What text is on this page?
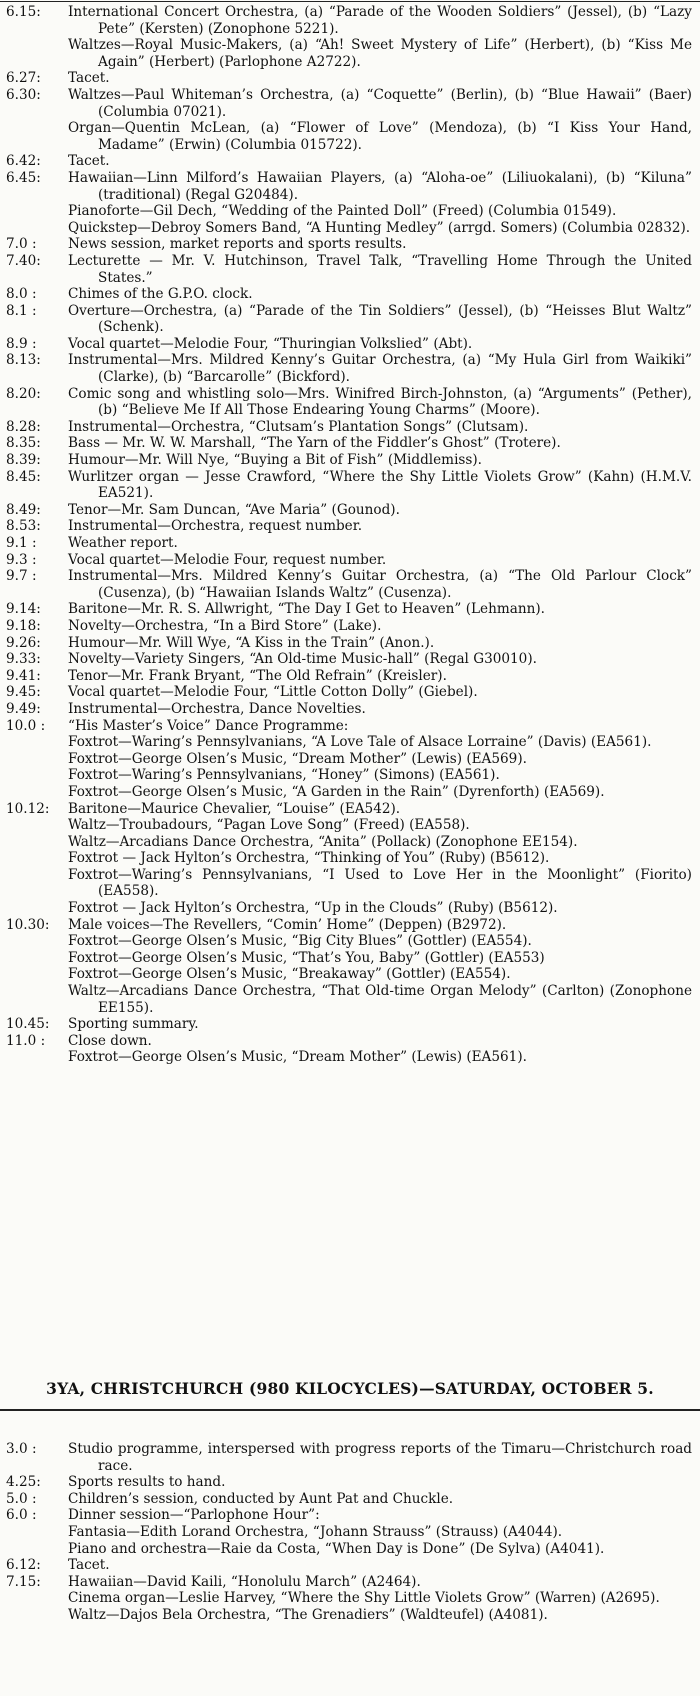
6.15:	International Concert Orchestra, (a) “Parade of the Wooden Soldiers” (Jessel), (b) “Lazy Pete” (Kersten) (Zonophone 5221).
Waltzes—Royal Music-Makers, (a) “Ah! Sweet Mystery of Life” (Herbert), (b) “Kiss Me Again” (Herbert) (Parlophone A2722).
6.27:	Tacet.
6.30:	Waltzes—Paul Whiteman’s Orchestra, (a) “Coquette” (Berlin), (b) “Blue Hawaii” (Baer) (Columbia 07021).
Organ—Quentin McLean, (a) “Flower of Love” (Mendoza), (b) “I Kiss Your Hand, Madame” (Erwin) (Columbia 015722).
6.42:	Tacet.
6.45:	Hawaiian—Linn Milford’s Hawaiian Players, (a) “Aloha-oe” (Liliuokalani), (b) “Kiluna” (traditional) (Regal G20484).
Pianoforte—Gil Dech, “Wedding of the Painted Doll” (Freed) (Columbia 01549).
Quickstep—Debroy Somers Band, “A Hunting Medley” (arrgd. Somers) (Columbia 02832).
7.0 :	News session, market reports and sports results.
7.40:	Lecturette — Mr. V. Hutchinson, Travel Talk, “Travelling Home Through the United States.”
8.0 :	Chimes of the G.P.O. clock.
8.1 :	Overture—Orchestra, (a) “Parade of the Tin Soldiers” (Jessel), (b) “Heisses Blut Waltz” (Schenk).
8.9 :	Vocal quartet—Melodie Four, “Thuringian Volkslied” (Abt).
8.13:	Instrumental—Mrs. Mildred Kenny’s Guitar Orchestra, (a) “My Hula Girl from Waikiki” (Clarke), (b) “Barcarolle” (Bickford).
8.20:	Comic song and whistling solo—Mrs. Winifred Birch-Johnston, (a) “Arguments” (Pether), (b) “Believe Me If All Those Endearing Young Charms” (Moore).
8.28:	Instrumental—Orchestra, “Clutsam’s Plantation Songs” (Clutsam).
8.35:	Bass — Mr. W. W. Marshall, “The Yarn of the Fiddler’s Ghost” (Trotere).
8.39:	Humour—Mr. Will Nye, “Buying a Bit of Fish” (Middlemiss).
8.45:	Wurlitzer organ — Jesse Crawford, “Where the Shy Little Violets Grow” (Kahn) (H.M.V. EA521).
8.49:	Tenor—Mr. Sam Duncan, “Ave Maria” (Gounod).
8.53:	Instrumental—Orchestra, request number.
9.1 :	Weather report.
9.3 :	Vocal quartet—Melodie Four, request number.
9.7 :	Instrumental—Mrs. Mildred Kenny’s Guitar Orchestra, (a) “The Old Parlour Clock” (Cusenza), (b) “Hawaiian Islands Waltz” (Cusenza).
9.14:	Baritone—Mr. R. S. Allwright, “The Day I Get to Heaven” (Lehmann).
9.18:	Novelty—Orchestra, “In a Bird Store” (Lake).
9.26:	Humour—Mr. Will Wye, “A Kiss in the Train” (Anon.).
9.33:	Novelty—Variety Singers, “An Old-time Music-hall” (Regal G30010).
9.41:	Tenor—Mr. Frank Bryant, “The Old Refrain” (Kreisler).
9.45:	Vocal quartet—Melodie Four, “Little Cotton Dolly” (Giebel).
9.49:	Instrumental—Orchestra, Dance Novelties.
10.0 :	“His Master’s Voice” Dance Programme:
Foxtrot—Waring’s Pennsylvanians, “A Love Tale of Alsace Lorraine” (Davis) (EA561).
Foxtrot—George Olsen’s Music, “Dream Mother” (Lewis) (EA569).
Foxtrot—Waring’s Pennsylvanians, “Honey” (Simons) (EA561).
Foxtrot—George Olsen’s Music, “A Garden in the Rain” (Dyrenforth) (EA569).
10.12:	Baritone—Maurice Chevalier, “Louise” (EA542).
Waltz—Troubadours, “Pagan Love Song” (Freed) (EA558).
Waltz—Arcadians Dance Orchestra, “Anita” (Pollack) (Zonophone EE154).
Foxtrot — Jack Hylton’s Orchestra, “Thinking of You” (Ruby) (B5612).
Foxtrot—Waring’s Pennsylvanians, “I Used to Love Her in the Moonlight” (Fiorito) (EA558).
Foxtrot — Jack Hylton’s Orchestra, “Up in the Clouds” (Ruby) (B5612).
10.30:	Male voices—The Revellers, “Comin’ Home” (Deppen) (B2972).
Foxtrot—George Olsen’s Music, “Big City Blues” (Gottler) (EA554).
Foxtrot—George Olsen’s Music, “That’s You, Baby” (Gottler) (EA553)
Foxtrot—George Olsen’s Music, “Breakaway” (Gottler) (EA554).
Waltz—Arcadians Dance Orchestra, “That Old-time Organ Melody” (Carlton) (Zonophone EE155).
10.45:	Sporting summary.
11.0 :	Close down.
Foxtrot—George Olsen’s Music, “Dream Mother” (Lewis) (EA561).
3YA, CHRISTCHURCH (980 KILOCYCLES)—SATURDAY, OCTOBER 5.
3.0 :	Studio programme, interspersed with progress reports of the Timaru—Christchurch road race.
4.25:	Sports results to hand.
5.0 :	Children’s session, conducted by Aunt Pat and Chuckle.
6.0 :	Dinner session—“Parlophone Hour”:
Fantasia—Edith Lorand Orchestra, “Johann Strauss” (Strauss) (A4044).
Piano and orchestra—Raie da Costa, “When Day is Done” (De Sylva) (A4041).
6.12:	Tacet.
7.15:	Hawaiian—David Kaili, “Honolulu March” (A2464).
Cinema organ—Leslie Harvey, “Where the Shy Little Violets Grow” (Warren) (A2695).
Waltz—Dajos Bela Orchestra, “The Grenadiers” (Waldteufel) (A4081).
